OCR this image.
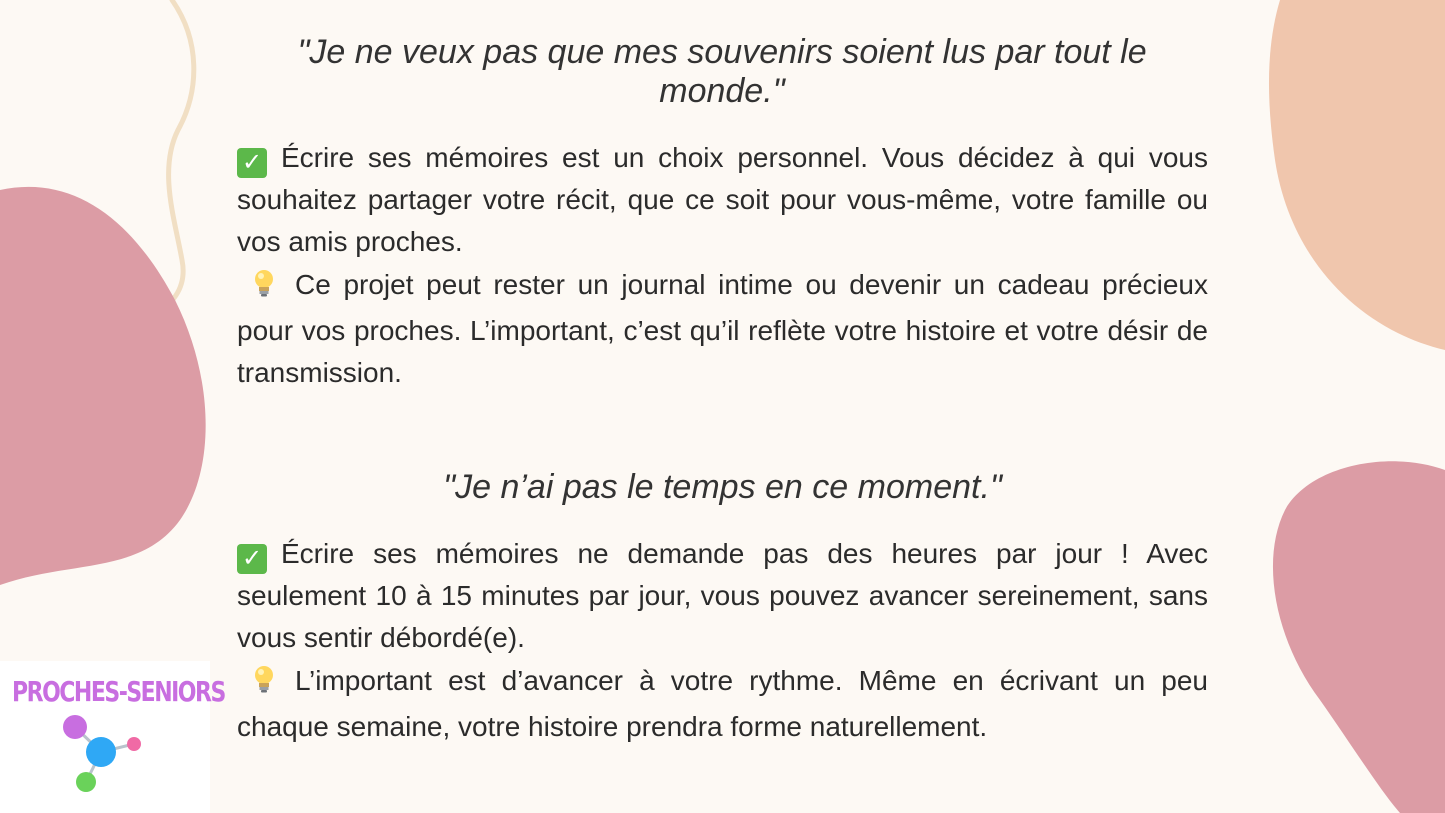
"Je ne veux pas que mes souvenirs soient lus par tout le monde."

✓ Écrire ses mémoires est un choix personnel. Vous décidez à qui vous souhaitez partager votre récit, que ce soit pour vous-même, votre famille ou vos amis proches.

Ce projet peut rester un journal intime ou devenir un cadeau précieux pour vos proches. L’important, c’est qu’il reflète votre histoire et votre désir de transmission.

"Je n’ai pas le temps en ce moment."

✓ Écrire ses mémoires ne demande pas des heures par jour ! Avec seulement 10 à 15 minutes par jour, vous pouvez avancer sereinement, sans vous sentir débordé(e).

L’important est d’avancer à votre rythme. Même en écrivant un peu chaque semaine, votre histoire prendra forme naturellement.

PROCHES-SENIORS
